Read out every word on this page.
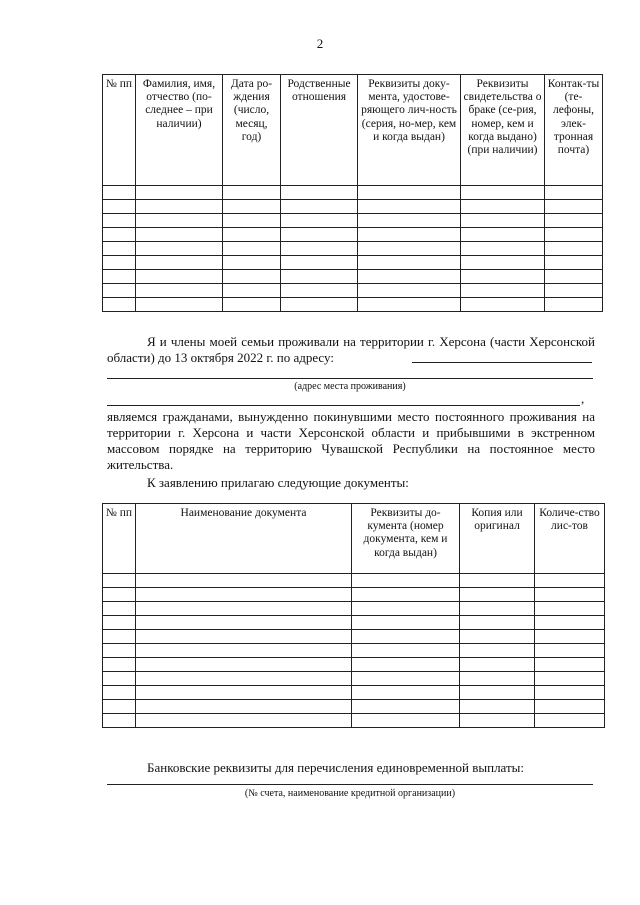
2
№ пп	Фамилия, имя, отчество (по-следнее – при наличии)	Дата ро-ждения (число, месяц, год)	Родственные отношения	Реквизиты доку-мента, удостове-ряющего лич-ность (серия, но-мер, кем и когда выдан)	Реквизиты свидетельства о браке (се-рия, номер, кем и когда выдано) (при наличии)	Контак-ты (те-лефоны, элек-тронная почта)

Я и члены моей семьи проживали на территории г. Херсона (части Херсонской области) до 13 октября 2022 г. по адресу:
(адрес места проживания)
,
являемся гражданами, вынужденно покинувшими место постоянного проживания на территории г. Херсона и части Херсонской области и прибывшими в экстренном массовом порядке на территорию Чувашской Республики на постоянное место жительства.
К заявлению прилагаю следующие документы:
№ пп	Наименование документа	Реквизиты до-кумента (номер документа, кем и когда выдан)	Копия или оригинал	Количе-ство лис-тов

Банковские реквизиты для перечисления единовременной выплаты:
(№ счета, наименование кредитной организации)
